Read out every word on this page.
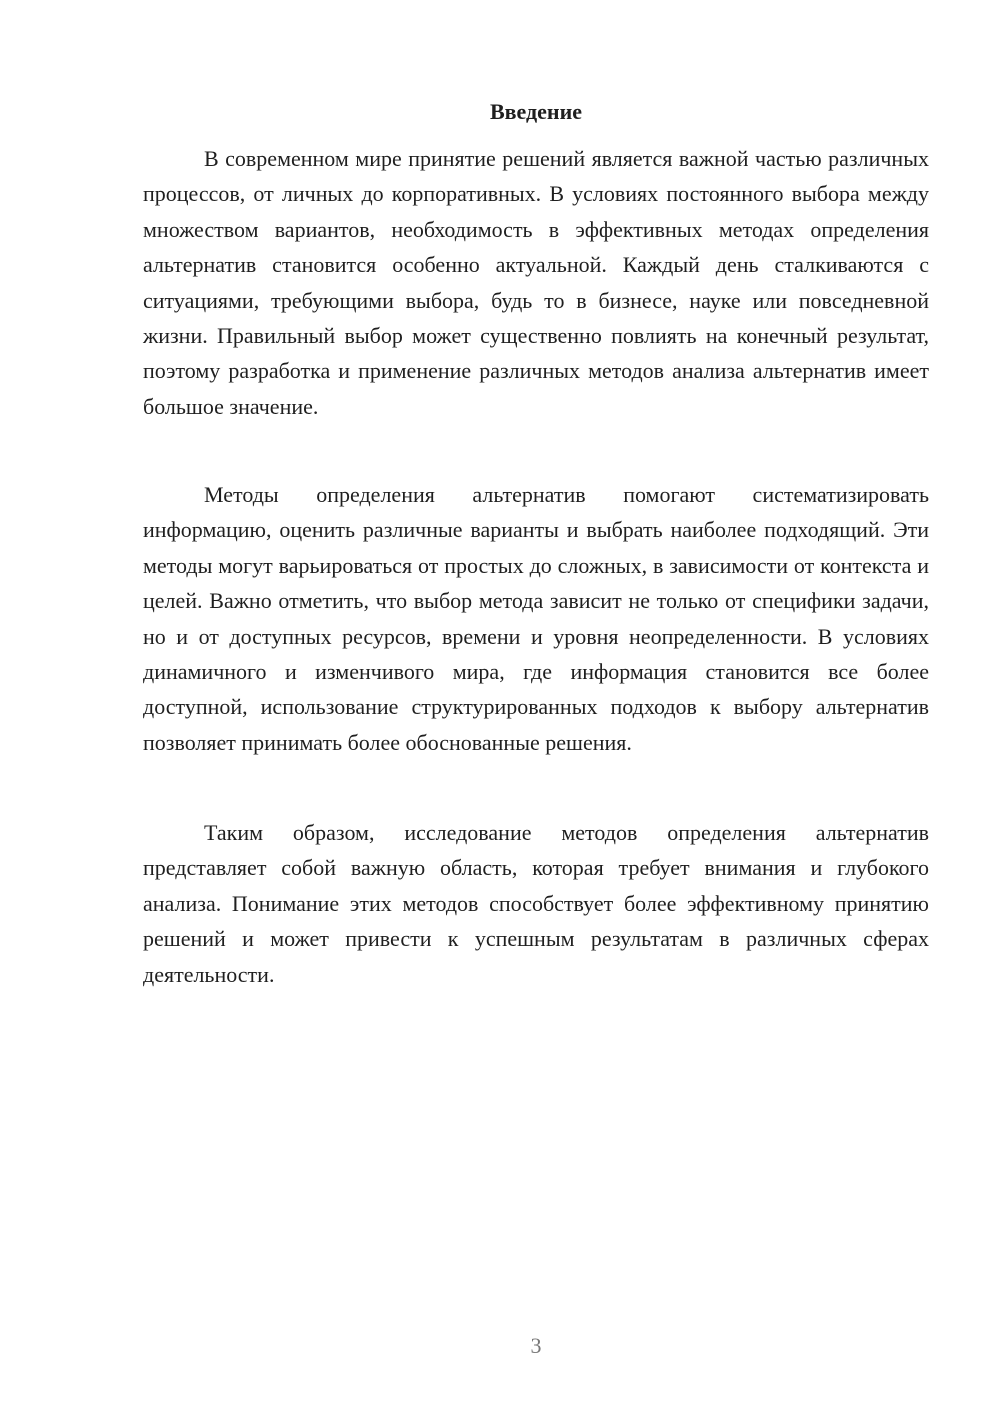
Введение

В современном мире принятие решений является важной частью различных процессов, от личных до корпоративных. В условиях постоянного выбора между множеством вариантов, необходимость в эффективных методах определения альтернатив становится особенно актуальной. Каждый день сталкиваются с ситуациями, требующими выбора, будь то в бизнесе, науке или повседневной жизни. Правильный выбор может существенно повлиять на конечный результат, поэтому разработка и применение различных методов анализа альтернатив имеет большое значение.

Методы определения альтернатив помогают систематизировать информацию, оценить различные варианты и выбрать наиболее подходящий. Эти методы могут варьироваться от простых до сложных, в зависимости от контекста и целей. Важно отметить, что выбор метода зависит не только от специфики задачи, но и от доступных ресурсов, времени и уровня неопределенности. В условиях динамичного и изменчивого мира, где информация становится все более доступной, использование структурированных подходов к выбору альтернатив позволяет принимать более обоснованные решения.

Таким образом, исследование методов определения альтернатив представляет собой важную область, которая требует внимания и глубокого анализа. Понимание этих методов способствует более эффективному принятию решений и может привести к успешным результатам в различных сферах деятельности.

3
